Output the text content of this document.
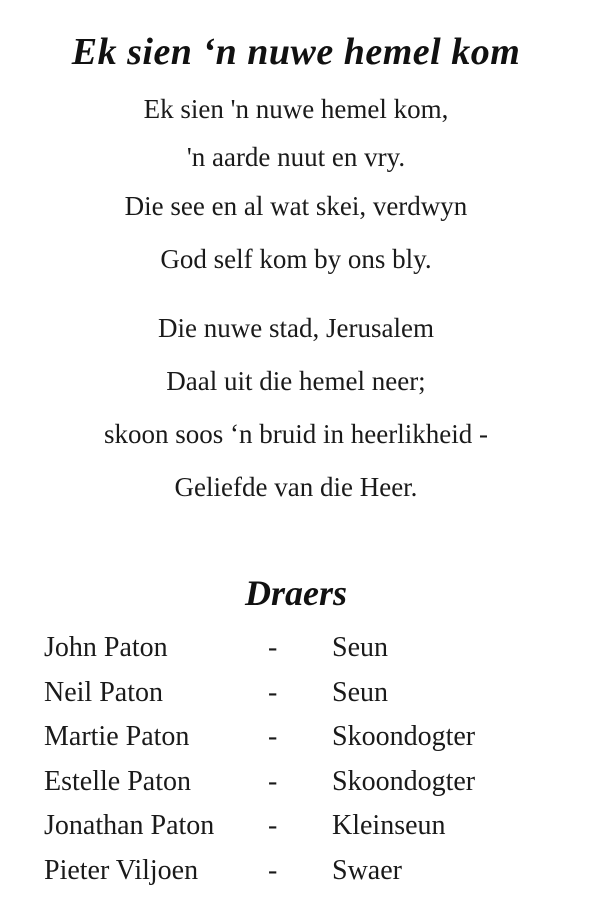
Ek sien ‘n nuwe hemel kom
Ek sien 'n nuwe hemel kom,
'n aarde nuut en vry.
Die see en al wat skei, verdwyn
God self kom by ons bly.
Die nuwe stad, Jerusalem
Daal uit die hemel neer;
skoon soos ‘n bruid in heerlikheid -
Geliefde van die Heer.
Draers
John Paton	- Seun
Neil Paton	- Seun
Martie Paton	- Skoondogter
Estelle Paton	- Skoondogter
Jonathan Paton - Kleinseun
Pieter Viljoen - Swaer
